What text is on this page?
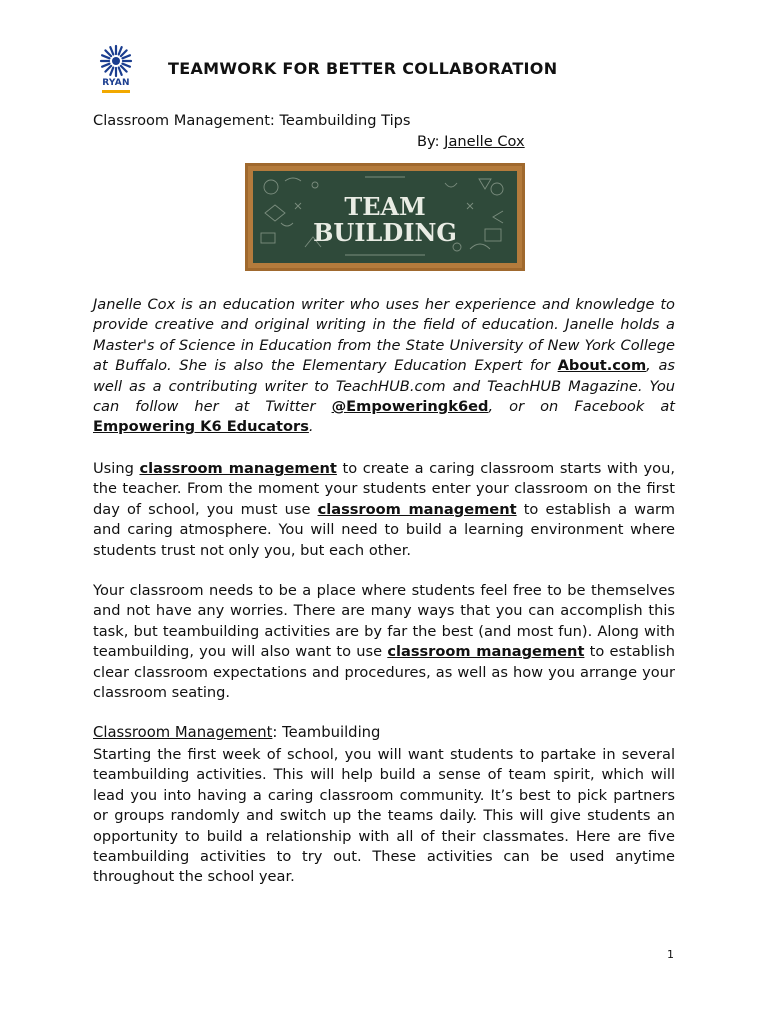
RYAN
TEAMWORK FOR BETTER COLLABORATION
Classroom Management: Teambuilding Tips
By: Janelle Cox
TEAM
BUILDING
Janelle Cox is an education writer who uses her experience and knowledge to provide creative and original writing in the field of education. Janelle holds a Master's of Science in Education from the State University of New York College at Buffalo. She is also the Elementary Education Expert for About.com, as well as a contributing writer to TeachHUB.com and TeachHUB Magazine. You can follow her at Twitter @Empoweringk6ed, or on Facebook at Empowering K6 Educators.
Using classroom management to create a caring classroom starts with you, the teacher. From the moment your students enter your classroom on the first day of school, you must use classroom management to establish a warm and caring atmosphere. You will need to build a learning environment where students trust not only you, but each other.
Your classroom needs to be a place where students feel free to be themselves and not have any worries. There are many ways that you can accomplish this task, but teambuilding activities are by far the best (and most fun). Along with teambuilding, you will also want to use classroom management to establish clear classroom expectations and procedures, as well as how you arrange your classroom seating.
Classroom Management: Teambuilding
Starting the first week of school, you will want students to partake in several teambuilding activities. This will help build a sense of team spirit, which will lead you into having a caring classroom community. It’s best to pick partners or groups randomly and switch up the teams daily. This will give students an opportunity to build a relationship with all of their classmates. Here are five teambuilding activities to try out. These activities can be used anytime throughout the school year.
1
